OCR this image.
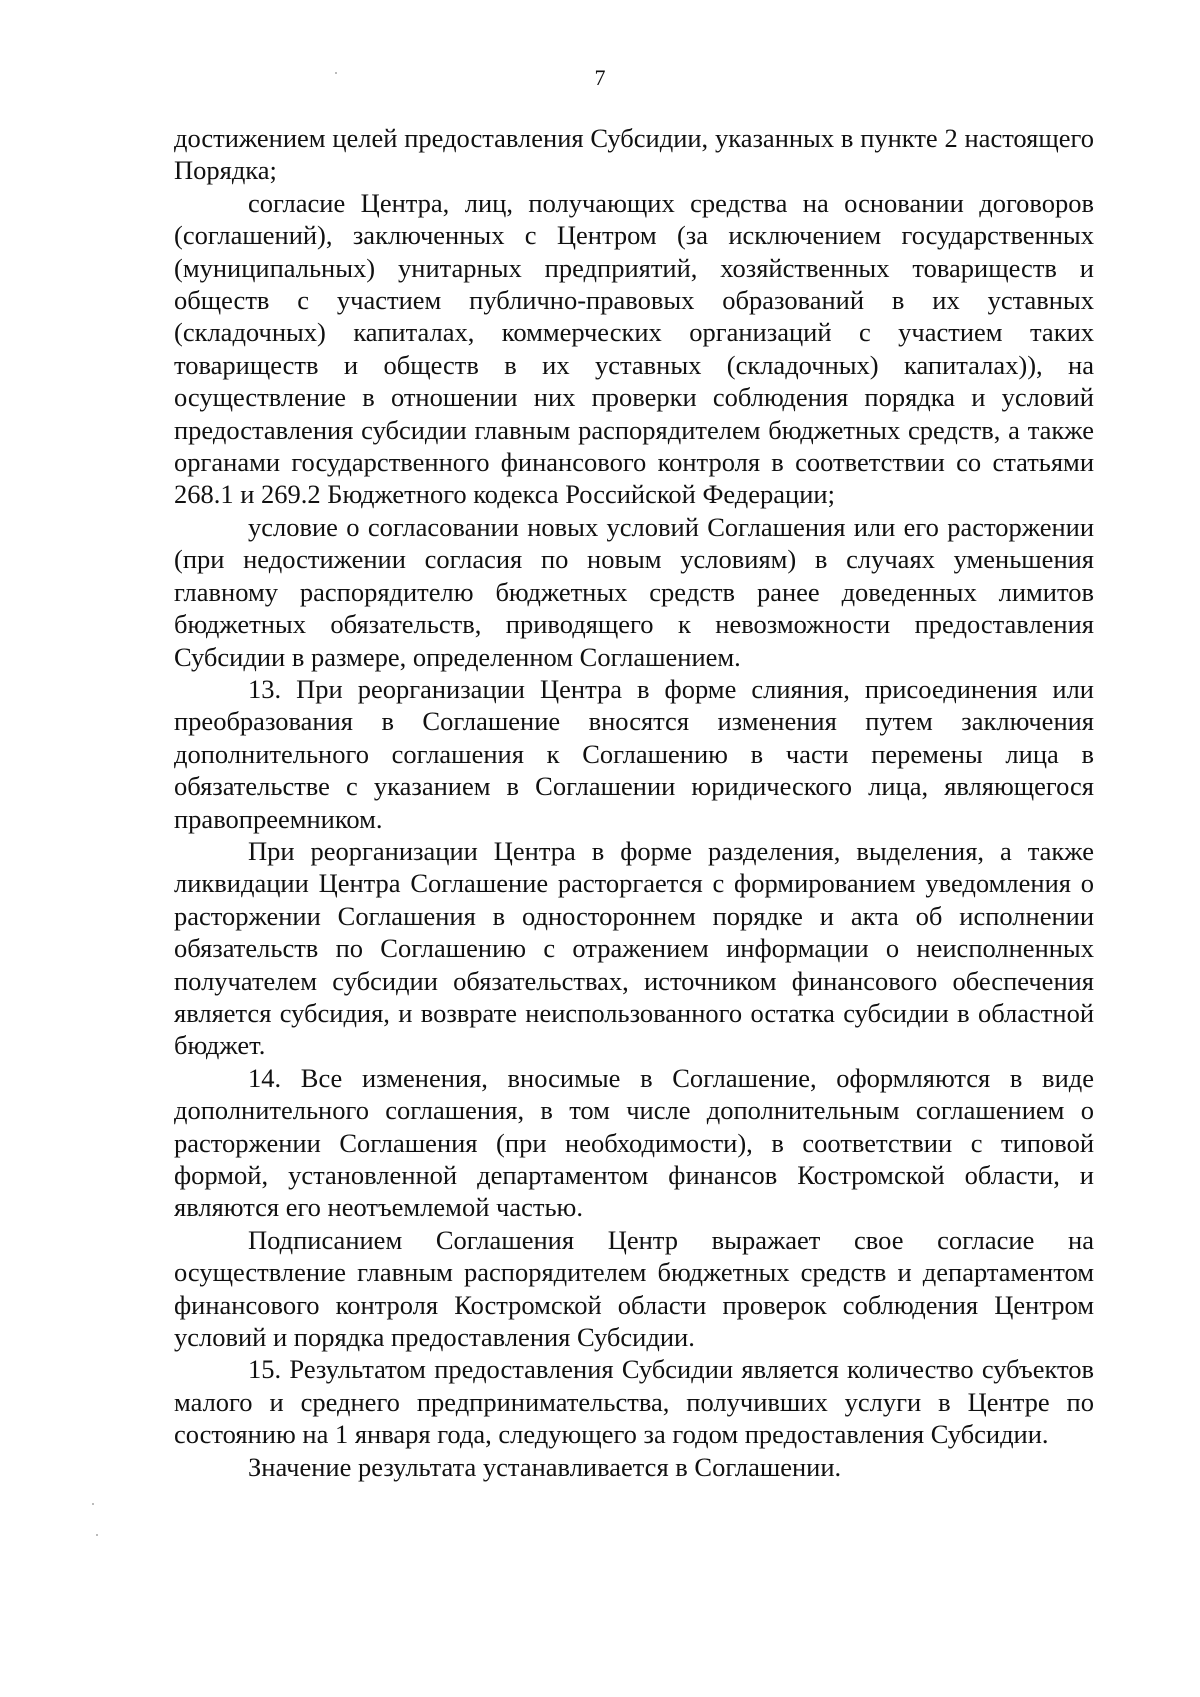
7

достижением целей предоставления Субсидии, указанных в пункте 2 настоящего Порядка;

согласие Центра, лиц, получающих средства на основании договоров (соглашений), заключенных с Центром (за исключением государственных (муниципальных) унитарных предприятий, хозяйственных товариществ и обществ с участием публично-правовых образований в их уставных (складочных) капиталах, коммерческих организаций с участием таких товариществ и обществ в их уставных (складочных) капиталах)), на осуществление в отношении них проверки соблюдения порядка и условий предоставления субсидии главным распорядителем бюджетных средств, а также органами государственного финансового контроля в соответствии со статьями 268.1 и 269.2 Бюджетного кодекса Российской Федерации;

условие о согласовании новых условий Соглашения или его расторжении (при недостижении согласия по новым условиям) в случаях уменьшения главному распорядителю бюджетных средств ранее доведенных лимитов бюджетных обязательств, приводящего к невозможности предоставления Субсидии в размере, определенном Соглашением.

13. При реорганизации Центра в форме слияния, присоединения или преобразования в Соглашение вносятся изменения путем заключения дополнительного соглашения к Соглашению в части перемены лица в обязательстве с указанием в Соглашении юридического лица, являющегося правопреемником.

При реорганизации Центра в форме разделения, выделения, а также ликвидации Центра Соглашение расторгается с формированием уведомления о расторжении Соглашения в одностороннем порядке и акта об исполнении обязательств по Соглашению с отражением информации о неисполненных получателем субсидии обязательствах, источником финансового обеспечения является субсидия, и возврате неиспользованного остатка субсидии в областной бюджет.

14. Все изменения, вносимые в Соглашение, оформляются в виде дополнительного соглашения, в том числе дополнительным соглашением о расторжении Соглашения (при необходимости), в соответствии с типовой формой, установленной департаментом финансов Костромской области, и являются его неотъемлемой частью.

Подписанием Соглашения Центр выражает свое согласие на осуществление главным распорядителем бюджетных средств и департаментом финансового контроля Костромской области проверок соблюдения Центром условий и порядка предоставления Субсидии.

15. Результатом предоставления Субсидии является количество субъектов малого и среднего предпринимательства, получивших услуги в Центре по состоянию на 1 января года, следующего за годом предоставления Субсидии.

Значение результата устанавливается в Соглашении.
